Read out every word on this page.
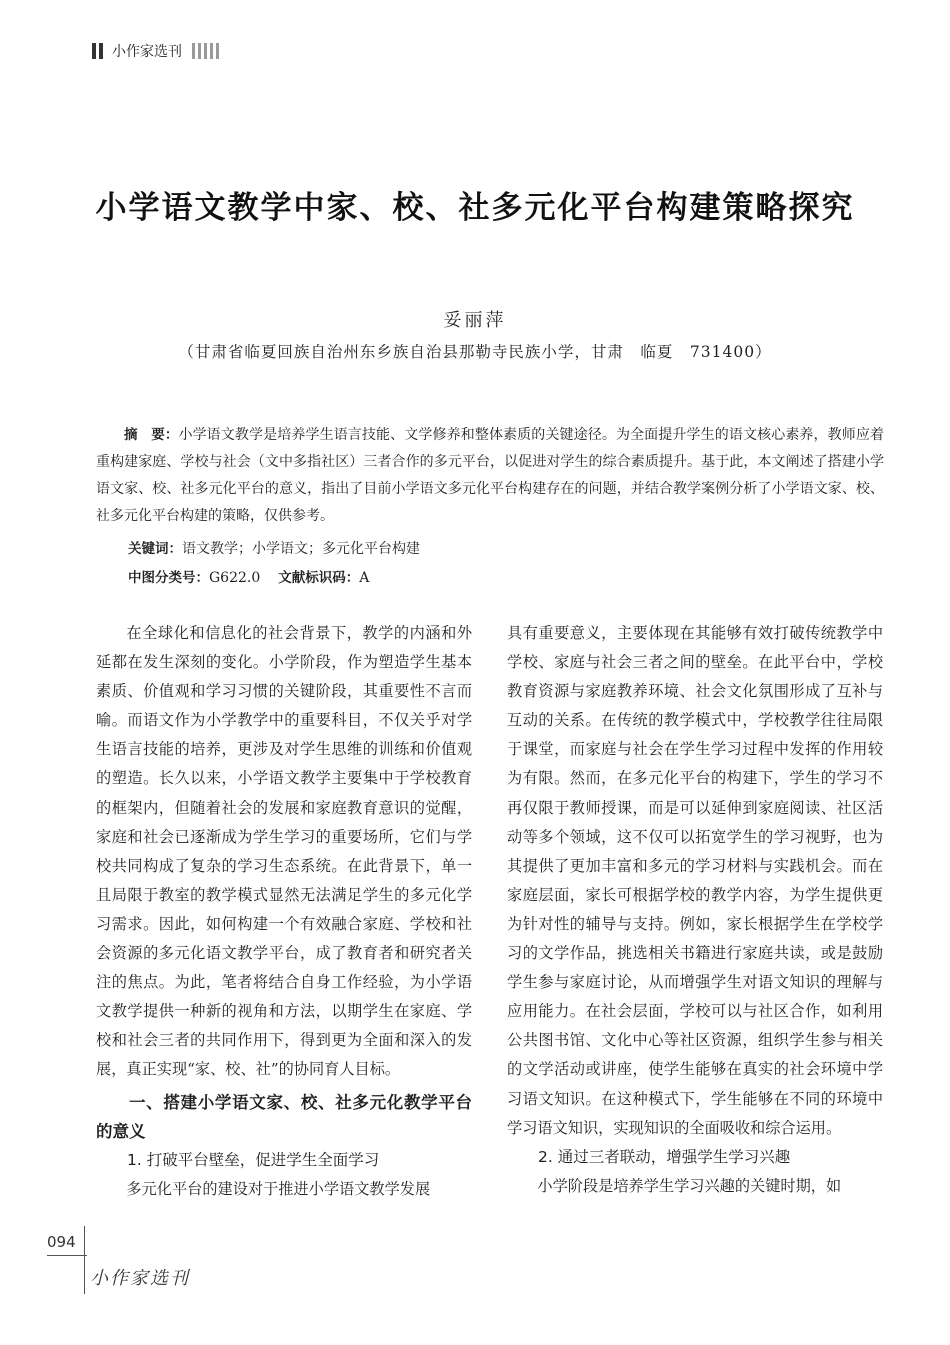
小作家选刊
小学语文教学中家、校、社多元化平台构建策略探究
妥丽萍
（甘肃省临夏回族自治州东乡族自治县那勒寺民族小学，甘肃　临夏　731400）

摘　要：小学语文教学是培养学生语言技能、文学修养和整体素质的关键途径。为全面提升学生的语文核心素养，教师应着重构建家庭、学校与社会（文中多指社区）三者合作的多元平台，以促进对学生的综合素质提升。基于此，本文阐述了搭建小学语文家、校、社多元化平台的意义，指出了目前小学语文多元化平台构建存在的问题，并结合教学案例分析了小学语文家、校、社多元化平台构建的策略，仅供参考。

关键词：语文教学；小学语文；多元化平台构建
中图分类号：G622.0 文献标识码：A

在全球化和信息化的社会背景下，教学的内涵和外延都在发生深刻的变化。小学阶段，作为塑造学生基本素质、价值观和学习习惯的关键阶段，其重要性不言而喻。而语文作为小学教学中的重要科目，不仅关乎对学生语言技能的培养，更涉及对学生思维的训练和价值观的塑造。长久以来，小学语文教学主要集中于学校教育的框架内，但随着社会的发展和家庭教育意识的觉醒，家庭和社会已逐渐成为学生学习的重要场所，它们与学校共同构成了复杂的学习生态系统。在此背景下，单一且局限于教室的教学模式显然无法满足学生的多元化学习需求。因此，如何构建一个有效融合家庭、学校和社会资源的多元化语文教学平台，成了教育者和研究者关注的焦点。为此，笔者将结合自身工作经验，为小学语文教学提供一种新的视角和方法，以期学生在家庭、学校和社会三者的共同作用下，得到更为全面和深入的发展，真正实现“家、校、社”的协同育人目标。

一、搭建小学语文家、校、社多元化教学平台的意义
1. 打破平台壁垒，促进学生全面学习

多元化平台的建设对于推进小学语文教学发展

具有重要意义，主要体现在其能够有效打破传统教学中学校、家庭与社会三者之间的壁垒。在此平台中，学校教育资源与家庭教养环境、社会文化氛围形成了互补与互动的关系。在传统的教学模式中，学校教学往往局限于课堂，而家庭与社会在学生学习过程中发挥的作用较为有限。然而，在多元化平台的构建下，学生的学习不再仅限于教师授课，而是可以延伸到家庭阅读、社区活动等多个领域，这不仅可以拓宽学生的学习视野，也为其提供了更加丰富和多元的学习材料与实践机会。而在家庭层面，家长可根据学校的教学内容，为学生提供更为针对性的辅导与支持。例如，家长根据学生在学校学习的文学作品，挑选相关书籍进行家庭共读，或是鼓励学生参与家庭讨论，从而增强学生对语文知识的理解与应用能力。在社会层面，学校可以与社区合作，如利用公共图书馆、文化中心等社区资源，组织学生参与相关的文学活动或讲座，使学生能够在真实的社会环境中学习语文知识。在这种模式下，学生能够在不同的环境中学习语文知识，实现知识的全面吸收和综合运用。

2. 通过三者联动，增强学生学习兴趣

小学阶段是培养学生学习兴趣的关键时期，如

094
小作家选刊
